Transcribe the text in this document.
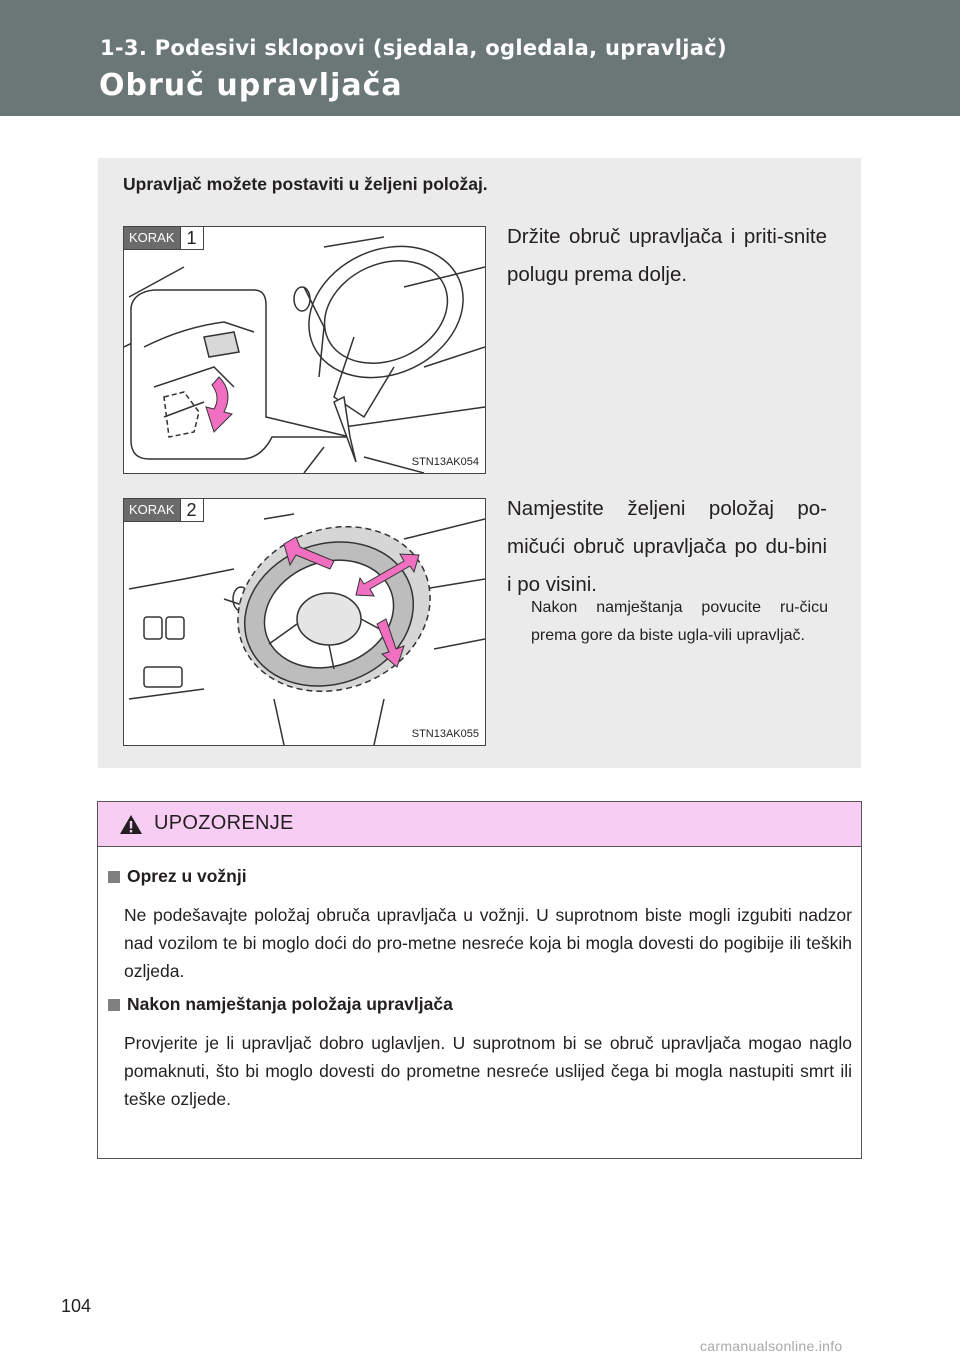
1-3. Podesivi sklopovi (sjedala, ogledala, upravljač)
Obruč upravljača
Upravljač možete postaviti u željeni položaj.
KORAK 1
STN13AK054

Držite obruč upravljača i priti-snite polugu prema dolje.

KORAK 2
STN13AK055

Namjestite željeni položaj po-mičući obruč upravljača po du-bini i po visini.

Nakon namještanja povucite ru-čicu prema gore da biste ugla-vili upravljač.

UPOZORENJE
Oprez u vožnji

Ne podešavajte položaj obruča upravljača u vožnji. U suprotnom biste mogli izgubiti nadzor nad vozilom te bi moglo doći do pro-metne nesreće koja bi mogla dovesti do pogibije ili teških ozljeda.

Nakon namještanja položaja upravljača

Provjerite je li upravljač dobro uglavljen. U suprotnom bi se obruč upravljača mogao naglo pomaknuti, što bi moglo dovesti do prometne nesreće uslijed čega bi mogla nastupiti smrt ili teške ozljede.

104
carmanualsonline.info
